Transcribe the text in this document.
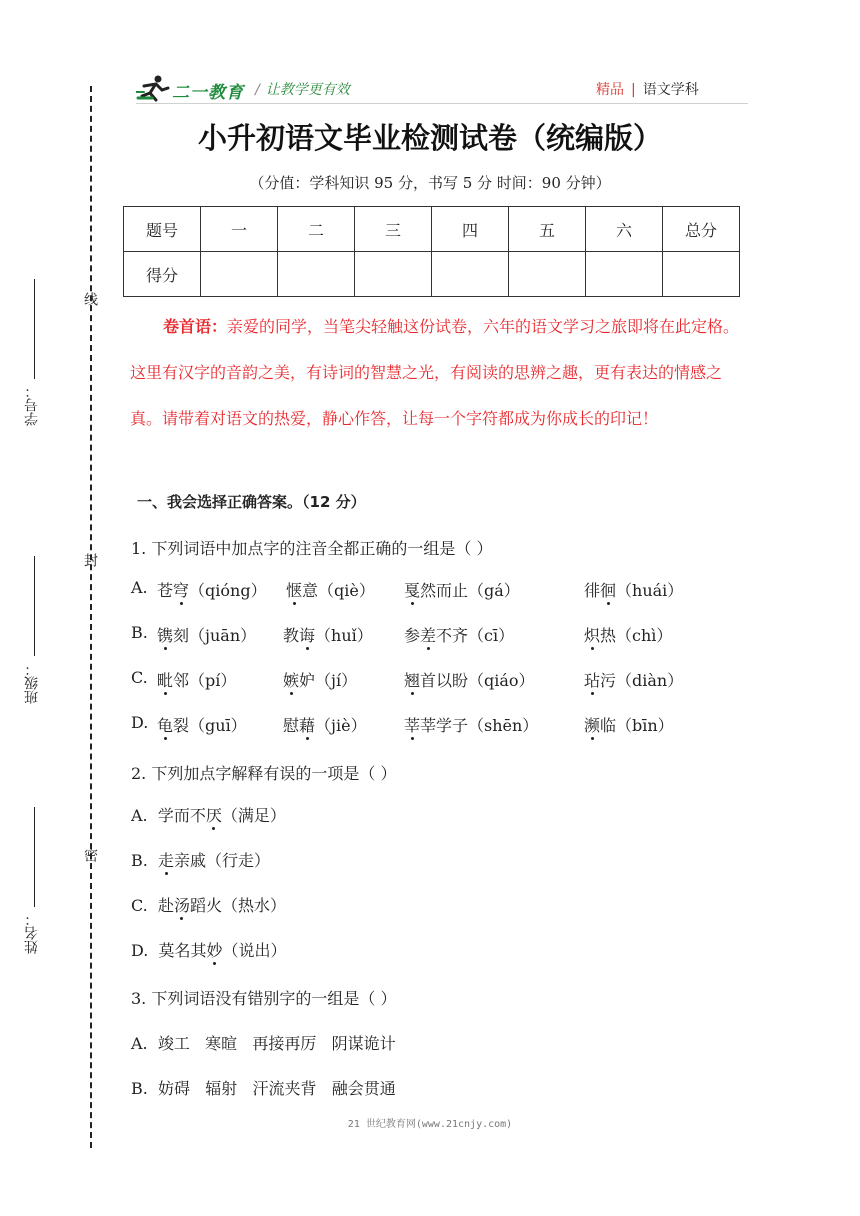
线
封
密
学号：
班级：
姓名：
二一教育 / 让教学更有效	精品 | 语文学科
小升初语文毕业检测试卷（统编版）
（分值：学科知识 95 分，书写 5 分 时间：90 分钟）
题号	一	二	三	四	五	六	总分
得分							
卷首语：亲爱的同学，当笔尖轻触这份试卷，六年的语文学习之旅即将在此定格。这里有汉字的音韵之美，有诗词的智慧之光，有阅读的思辨之趣，更有表达的情感之真。请带着对语文的热爱，静心作答，让每一个字符都成为你成长的印记！
一、我会选择正确答案。（12 分）
1. 下列词语中加点字的注音全都正确的一组是（ ）
A. 苍穹（qióng） 惬意（qiè） 戛然而止（gá）	徘徊（huái）
B. 镌刻（juān） 教诲（huǐ） 参差不齐（cī）	炽热（chì）
C. 毗邻（pí）	嫉妒（jí）	翘首以盼（qiáo）	玷污（diàn）
D. 龟裂（guī） 慰藉（jiè） 莘莘学子（shēn）	濒临（bīn）
2. 下列加点字解释有误的一项是（ ）
A. 学而不厌（满足）
B. 走亲戚（行走）
C. 赴汤蹈火（热水）
D. 莫名其妙（说出）
3. 下列词语没有错别字的一组是（ ）
A. 竣工   寒暄   再接再厉   阴谋诡计
B. 妨碍   辐射   汗流夹背   融会贯通
21 世纪教育网(www.21cnjy.com)
